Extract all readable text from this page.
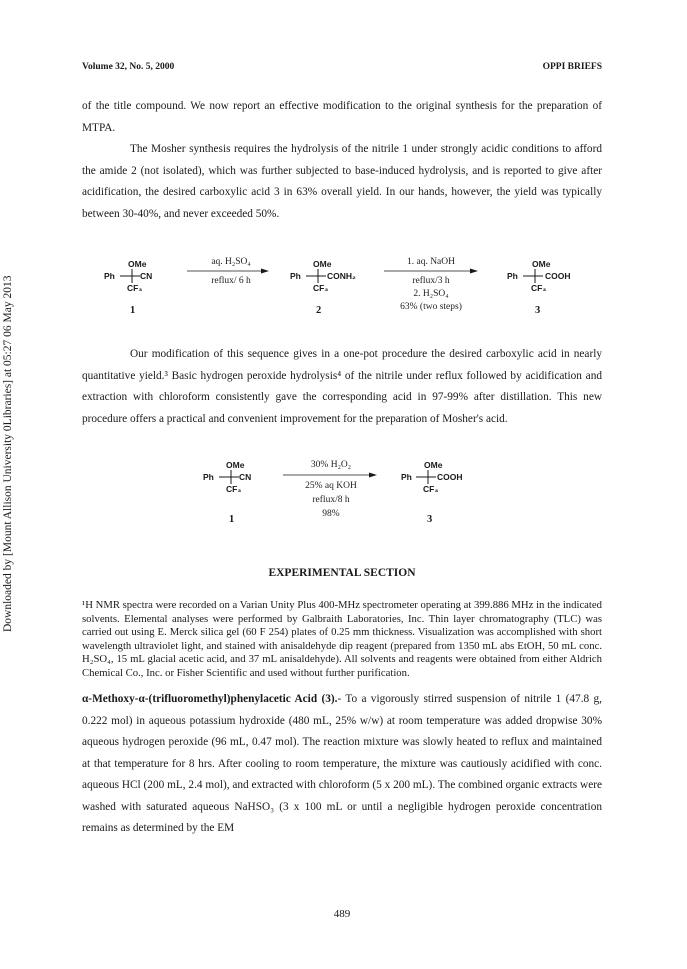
Volume 32, No. 5, 2000	OPPI BRIEFS
Downloaded by [Mount Allison University 0Libraries] at 05:27 06 May 2013
of the title compound. We now report an effective modification to the original synthesis for the preparation of MTPA.
The Mosher synthesis requires the hydrolysis of the nitrile 1 under strongly acidic conditions to afford the amide 2 (not isolated), which was further subjected to base-induced hydrolysis, and is reported to give after acidification, the desired carboxylic acid 3 in 63% overall yield. In our hands, however, the yield was typically between 30-40%, and never exceeded 50%.
OMe
Ph	CN
CF₃
1
aq. H₂SO₄
reflux/ 6 h
OMe
Ph	CONH₂
CF₃
2
1. aq. NaOH
reflux/3 h
2. H₂SO₄
63% (two steps)
OMe
Ph	COOH
CF₃
3
Our modification of this sequence gives in a one-pot procedure the desired carboxylic acid in nearly quantitative yield.³ Basic hydrogen peroxide hydrolysis⁴ of the nitrile under reflux followed by acidification and extraction with chloroform consistently gave the corresponding acid in 97-99% after distillation. This new procedure offers a practical and convenient improvement for the preparation of Mosher's acid.
OMe
Ph	CN
CF₃
1
30% H₂O₂
25% aq KOH
reflux/8 h
98%
OMe
Ph	COOH
CF₃
3
EXPERIMENTAL SECTION
¹H NMR spectra were recorded on a Varian Unity Plus 400-MHz spectrometer operating at 399.886 MHz in the indicated solvents. Elemental analyses were performed by Galbraith Laboratories, Inc. Thin layer chromatography (TLC) was carried out using E. Merck silica gel (60 F 254) plates of 0.25 mm thickness. Visualization was accomplished with short wavelength ultraviolet light, and stained with anisaldehyde dip reagent (prepared from 1350 mL abs EtOH, 50 mL conc. H₂SO₄, 15 mL glacial acetic acid, and 37 mL anisaldehyde). All solvents and reagents were obtained from either Aldrich Chemical Co., Inc. or Fisher Scientific and used without further purification.
α-Methoxy-α-(trifluoromethyl)phenylacetic Acid (3).- To a vigorously stirred suspension of nitrile 1 (47.8 g, 0.222 mol) in aqueous potassium hydroxide (480 mL, 25% w/w) at room temperature was added dropwise 30% aqueous hydrogen peroxide (96 mL, 0.47 mol). The reaction mixture was slowly heated to reflux and maintained at that temperature for 8 hrs. After cooling to room temperature, the mixture was cautiously acidified with conc. aqueous HCl (200 mL, 2.4 mol), and extracted with chloroform (5 x 200 mL). The combined organic extracts were washed with saturated aqueous NaHSO₃ (3 x 100 mL or until a negligible hydrogen peroxide concentration remains as determined by the EM
489
